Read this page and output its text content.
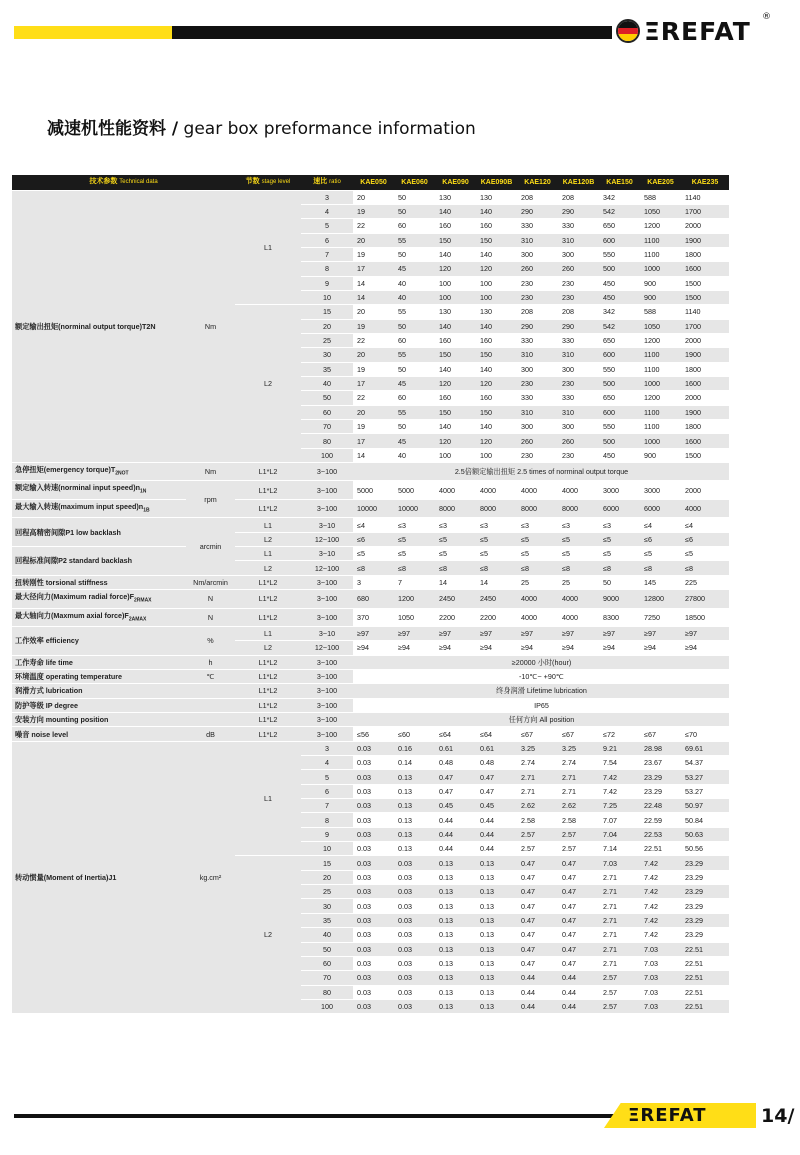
ΞREFAT ®
减速机性能资料 / gear box preformance information
技术参数 Technical data		节数 stage level	速比 ratio	KAE050	KAE060	KAE090	KAE090B	KAE120	KAE120B	KAE150	KAE205	KAE235
额定输出扭矩(norminal output torque)T2N	Nm	L1	3	20	50	130	130	208	208	342	588	1140
			4	19	50	140	140	290	290	542	1050	1700
			5	22	60	160	160	330	330	650	1200	2000
			6	20	55	150	150	310	310	600	1100	1900
			7	19	50	140	140	300	300	550	1100	1800
			8	17	45	120	120	260	260	500	1000	1600
			9	14	40	100	100	230	230	450	900	1500
			10	14	40	100	100	230	230	450	900	1500
		L2	15	20	55	130	130	208	208	342	588	1140
			20	19	50	140	140	290	290	542	1050	1700
			25	22	60	160	160	330	330	650	1200	2000
			30	20	55	150	150	310	310	600	1100	1900
			35	19	50	140	140	300	300	550	1100	1800
			40	17	45	120	120	230	230	500	1000	1600
			50	22	60	160	160	330	330	650	1200	2000
			60	20	55	150	150	310	310	600	1100	1900
			70	19	50	140	140	300	300	550	1100	1800
			80	17	45	120	120	260	260	500	1000	1600
			100	14	40	100	100	230	230	450	900	1500
急停扭矩(emergency $torque)T_{2NOT}$	Nm	L1*L2	3~100	2.5倍额定输出扭矩 2.5 times of norminal output torque								
额定输入转速(norminal input $speed)n_{1N}$	rpm	L1*L2	3~100	5000	5000	4000	4000	4000	4000	3000	3000	2000
最大输入转速(maximum input $speed)n_{1B}$		L1*L2	3~100	10000	10000	8000	8000	8000	8000	6000	6000	4000
回程高精密间隙P1 low backlash	arcmin	L1	3~10	≤4	≤3	≤3	≤3	≤3	≤3	≤3	≤4	≤4
		L2	12~100	≤6	≤5	≤5	≤5	≤5	≤5	≤5	≤6	≤6
回程标准间隙P2 standard backlash		L1	3~10	≤5	≤5	≤5	≤5	≤5	≤5	≤5	≤5	≤5
		L2	12~100	≤8	≤8	≤8	≤8	≤8	≤8	≤8	≤8	≤8
扭转刚性 torsional stiffness	Nm/arcmin	L1*L2	3~100	3	7	14	14	25	25	50	145	225
最大径向力(Maximum radial $force)F_{2RMAX}$	N	L1*L2	3~100	680	1200	2450	2450	4000	4000	9000	12800	27800
最大轴向力(Maxmum axial $force)F_{2AMAX}$	N	L1*L2	3~100	370	1050	2200	2200	4000	4000	8300	7250	18500
工作效率 efficiency	%	L1	3~10	≥97	≥97	≥97	≥97	≥97	≥97	≥97	≥97	≥97
		L2	12~100	≥94	≥94	≥94	≥94	≥94	≥94	≥94	≥94	≥94
工作寿命 life time	h	L1*L2	3~100	≥20000 小时(hour)								
环境温度 operating temperature	℃	L1*L2	3~100	-10℃~ +90℃								
润滑方式 lubrication		L1*L2	3~100	终身润滑 Lifetime lubrication								
防护等级 IP degree		L1*L2	3~100	IP65								
安装方向 mounting position		L1*L2	3~100	任何方向 All position								
噪音 noise level	dB	L1*L2	3~100	≤56	≤60	≤64	≤64	≤67	≤67	≤72	≤67	≤70
转动惯量(Moment of Inertia)J1	kg.cm²	L1	3	0.03	0.16	0.61	0.61	3.25	3.25	9.21	28.98	69.61
			4	0.03	0.14	0.48	0.48	2.74	2.74	7.54	23.67	54.37
			5	0.03	0.13	0.47	0.47	2.71	2.71	7.42	23.29	53.27
			6	0.03	0.13	0.47	0.47	2.71	2.71	7.42	23.29	53.27
			7	0.03	0.13	0.45	0.45	2.62	2.62	7.25	22.48	50.97
			8	0.03	0.13	0.44	0.44	2.58	2.58	7.07	22.59	50.84
			9	0.03	0.13	0.44	0.44	2.57	2.57	7.04	22.53	50.63
			10	0.03	0.13	0.44	0.44	2.57	2.57	7.14	22.51	50.56
		L2	15	0.03	0.03	0.13	0.13	0.47	0.47	7.03	7.42	23.29
			20	0.03	0.03	0.13	0.13	0.47	0.47	2.71	7.42	23.29
			25	0.03	0.03	0.13	0.13	0.47	0.47	2.71	7.42	23.29
			30	0.03	0.03	0.13	0.13	0.47	0.47	2.71	7.42	23.29
			35	0.03	0.03	0.13	0.13	0.47	0.47	2.71	7.42	23.29
			40	0.03	0.03	0.13	0.13	0.47	0.47	2.71	7.42	23.29
			50	0.03	0.03	0.13	0.13	0.47	0.47	2.71	7.03	22.51
			60	0.03	0.03	0.13	0.13	0.47	0.47	2.71	7.03	22.51
			70	0.03	0.03	0.13	0.13	0.44	0.44	2.57	7.03	22.51
			80	0.03	0.03	0.13	0.13	0.44	0.44	2.57	7.03	22.51
			100	0.03	0.03	0.13	0.13	0.44	0.44	2.57	7.03	22.51
ΞREFAT	14/
